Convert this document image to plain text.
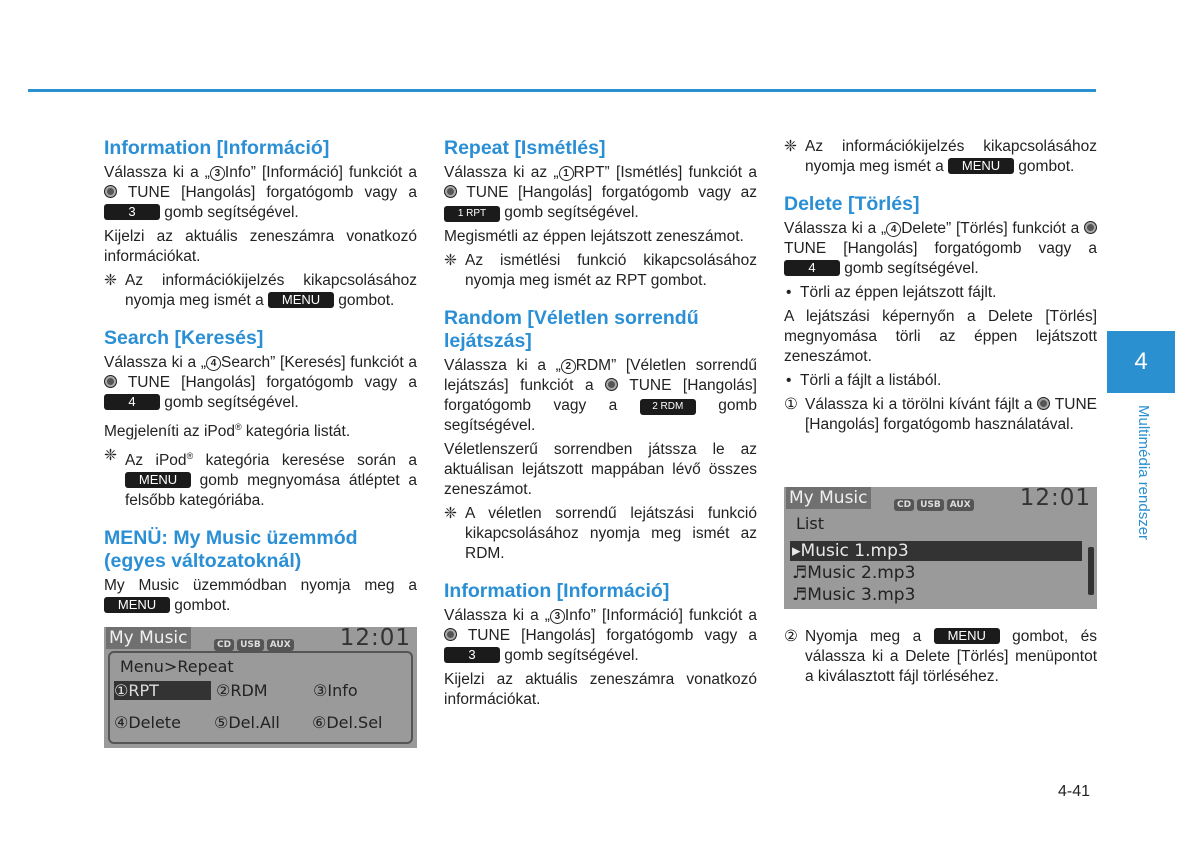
Information [Információ]

Válassza ki a „ 3 Info” [Információ] funkciót a  TUNE [Hangolás] forgatógomb vagy a 3 gomb segítségével.

Kijelzi az aktuális zeneszámra vonatkozó információkat.

❈ Az információkijelzés kikapcsolásához nyomja meg ismét a MENU gombot.
Search [Keresés]

Válassza ki a „ 4 Search” [Keresés] funkciót a  TUNE [Hangolás] forgatógomb vagy a 4 gomb segítségével.

Megjeleníti az iPod® kategória listát.

❈ Az iPod® kategória keresése során a MENU gomb megnyomása átléptet a felsőbb kategóriába.
MENÜ: My Music üzemmód (egyes változatoknál)

My Music üzemmódban nyomja meg a MENU gombot.

Repeat [Ismétlés]

Válassza ki az „ 1 RPT” [Ismétlés] funkciót a  TUNE [Hangolás] forgatógomb vagy az 1 RPT gomb segítségével.

Megismétli az éppen lejátszott zeneszámot.

❈ Az ismétlési funkció kikapcsolásához nyomja meg ismét az RPT gombot.
Random [Véletlen sorrendű lejátszás]

Válassza ki a „ 2 RDM” [Véletlen sorrendű lejátszás] funkciót a  TUNE [Hangolás] forgatógomb vagy a 2 RDM gomb segítségével.

Véletlenszerű sorrendben játssza le az aktuálisan lejátszott mappában lévő összes zeneszámot.

❈ A véletlen sorrendű lejátszási funkció kikapcsolásához nyomja meg ismét az RDM.
Information [Információ]

Válassza ki a „ 3 Info” [Információ] funkciót a  TUNE [Hangolás] forgatógomb vagy a 3 gomb segítségével.

Kijelzi az aktuális zeneszámra vonatkozó információkat.

❈ Az információkijelzés kikapcsolásához nyomja meg ismét a MENU gombot.
Delete [Törlés]

Válassza ki a „ 4 Delete” [Törlés] funkciót a  TUNE [Hangolás] forgatógomb vagy a 4 gomb segítségével.

• Törli az éppen lejátszott fájlt.

A lejátszási képernyőn a Delete [Törlés] megnyomása törli az éppen lejátszott zeneszámot.

• Törli a fájlt a listából.
① Válassza ki a törölni kívánt fájlt a  TUNE [Hangolás] forgatógomb használatával.
② Nyomja meg a MENU gombot, és válassza ki a Delete [Törlés] menüpontot a kiválasztott fájl törléséhez.
My Music	CD USB AUX 12:01
Menu>Repeat
①RPT	②RDM	③Info
④Delete ⑤Del.All ⑥Del.Sel
My Music	CD USB AUX 12:01
List
▸Music 1.mp3
♬Music 2.mp3
♬Music 3.mp3
4
Multimédia rendszer
4-41
